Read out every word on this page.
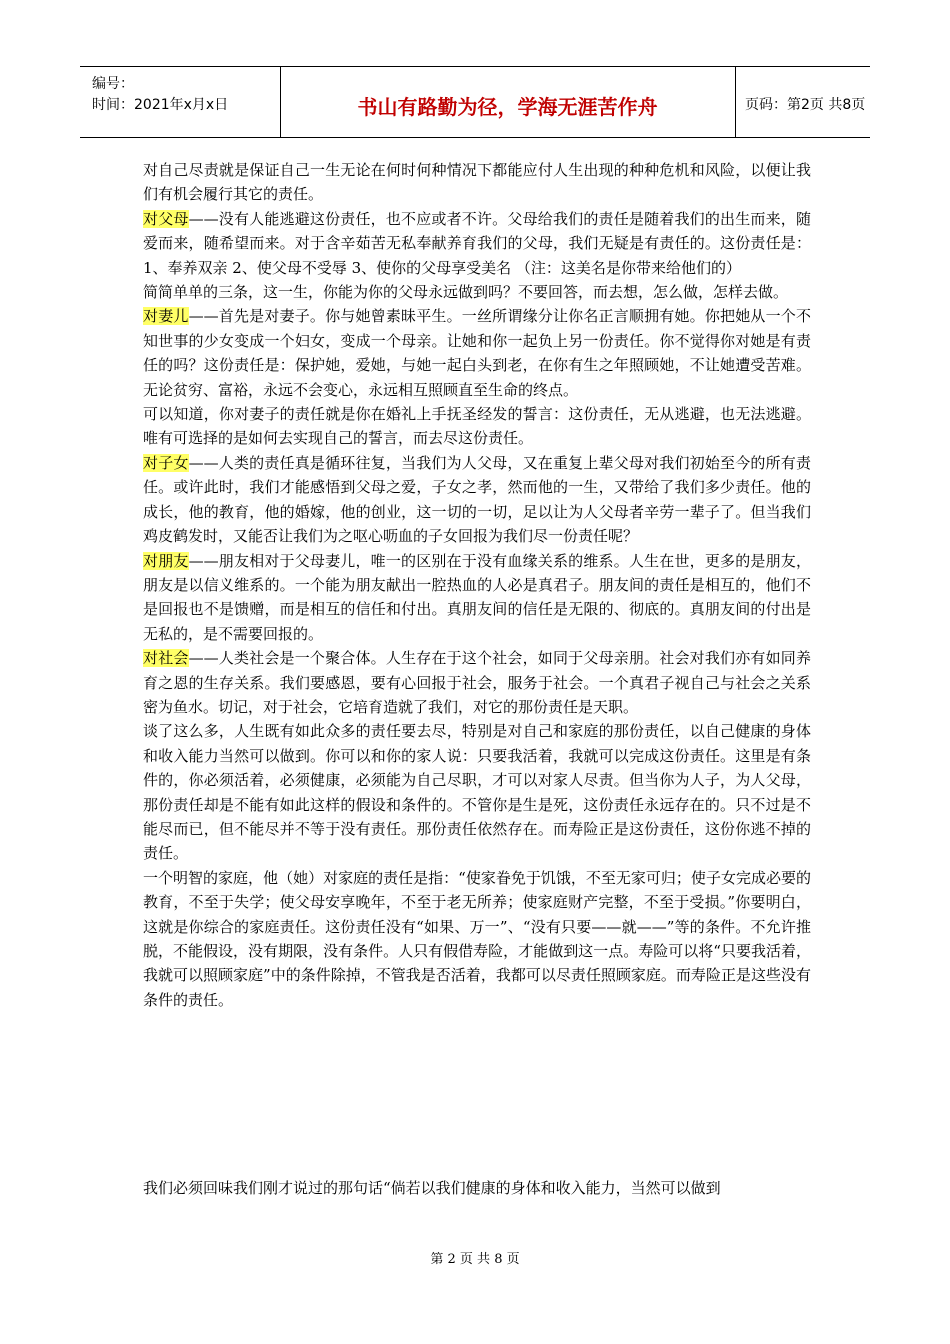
编号：
时间：2021年x月x日	书山有路勤为径，学海无涯苦作舟	页码：第2页 共8页

对自己尽责就是保证自己一生无论在何时何种情况下都能应付人生出现的种种危机和风险，以便让我们有机会履行其它的责任。

对父母——没有人能逃避这份责任，也不应或者不许。父母给我们的责任是随着我们的出生而来，随爱而来，随希望而来。对于含辛茹苦无私奉献养育我们的父母，我们无疑是有责任的。这份责任是：1、奉养双亲 2、使父母不受辱 3、使你的父母享受美名 （注：这美名是你带来给他们的）

简简单单的三条，这一生，你能为你的父母永远做到吗？不要回答，而去想，怎么做，怎样去做。

对妻儿——首先是对妻子。你与她曾素昧平生。一丝所谓缘分让你名正言顺拥有她。你把她从一个不知世事的少女变成一个妇女，变成一个母亲。让她和你一起负上另一份责任。你不觉得你对她是有责任的吗？这份责任是：保护她，爱她，与她一起白头到老，在你有生之年照顾她，不让她遭受苦难。无论贫穷、富裕，永远不会变心，永远相互照顾直至生命的终点。

可以知道，你对妻子的责任就是你在婚礼上手抚圣经发的誓言：这份责任，无从逃避，也无法逃避。唯有可选择的是如何去实现自己的誓言，而去尽这份责任。

对子女——人类的责任真是循环往复，当我们为人父母，又在重复上辈父母对我们初始至今的所有责任。或许此时，我们才能感悟到父母之爱，子女之孝，然而他的一生，又带给了我们多少责任。他的成长，他的教育，他的婚嫁，他的创业，这一切的一切，足以让为人父母者辛劳一辈子了。但当我们鸡皮鹤发时，又能否让我们为之呕心呖血的子女回报为我们尽一份责任呢？

对朋友——朋友相对于父母妻儿，唯一的区别在于没有血缘关系的维系。人生在世，更多的是朋友，朋友是以信义维系的。一个能为朋友献出一腔热血的人必是真君子。朋友间的责任是相互的，他们不是回报也不是馈赠，而是相互的信任和付出。真朋友间的信任是无限的、彻底的。真朋友间的付出是无私的，是不需要回报的。

对社会——人类社会是一个聚合体。人生存在于这个社会，如同于父母亲朋。社会对我们亦有如同养育之恩的生存关系。我们要感恩，要有心回报于社会，服务于社会。一个真君子视自己与社会之关系密为鱼水。切记，对于社会，它培育造就了我们，对它的那份责任是天职。

谈了这么多，人生既有如此众多的责任要去尽，特别是对自己和家庭的那份责任，以自己健康的身体和收入能力当然可以做到。你可以和你的家人说：只要我活着，我就可以完成这份责任。这里是有条件的，你必须活着，必须健康，必须能为自己尽职，才可以对家人尽责。但当你为人子，为人父母，那份责任却是不能有如此这样的假设和条件的。不管你是生是死，这份责任永远存在的。只不过是不能尽而已，但不能尽并不等于没有责任。那份责任依然存在。而寿险正是这份责任，这份你逃不掉的责任。

一个明智的家庭，他（她）对家庭的责任是指：“使家眷免于饥饿，不至无家可归；使子女完成必要的教育，不至于失学；使父母安享晚年，不至于老无所养；使家庭财产完整，不至于受损。”你要明白，这就是你综合的家庭责任。这份责任没有“如果、万一”、“没有只要——就——”等的条件。不允许推脱，不能假设，没有期限，没有条件。人只有假借寿险，才能做到这一点。寿险可以将“只要我活着，我就可以照顾家庭”中的条件除掉，不管我是否活着，我都可以尽责任照顾家庭。而寿险正是这些没有条件的责任。

我们必须回味我们刚才说过的那句话“倘若以我们健康的身体和收入能力，当然可以做到
第 2 页 共 8 页
